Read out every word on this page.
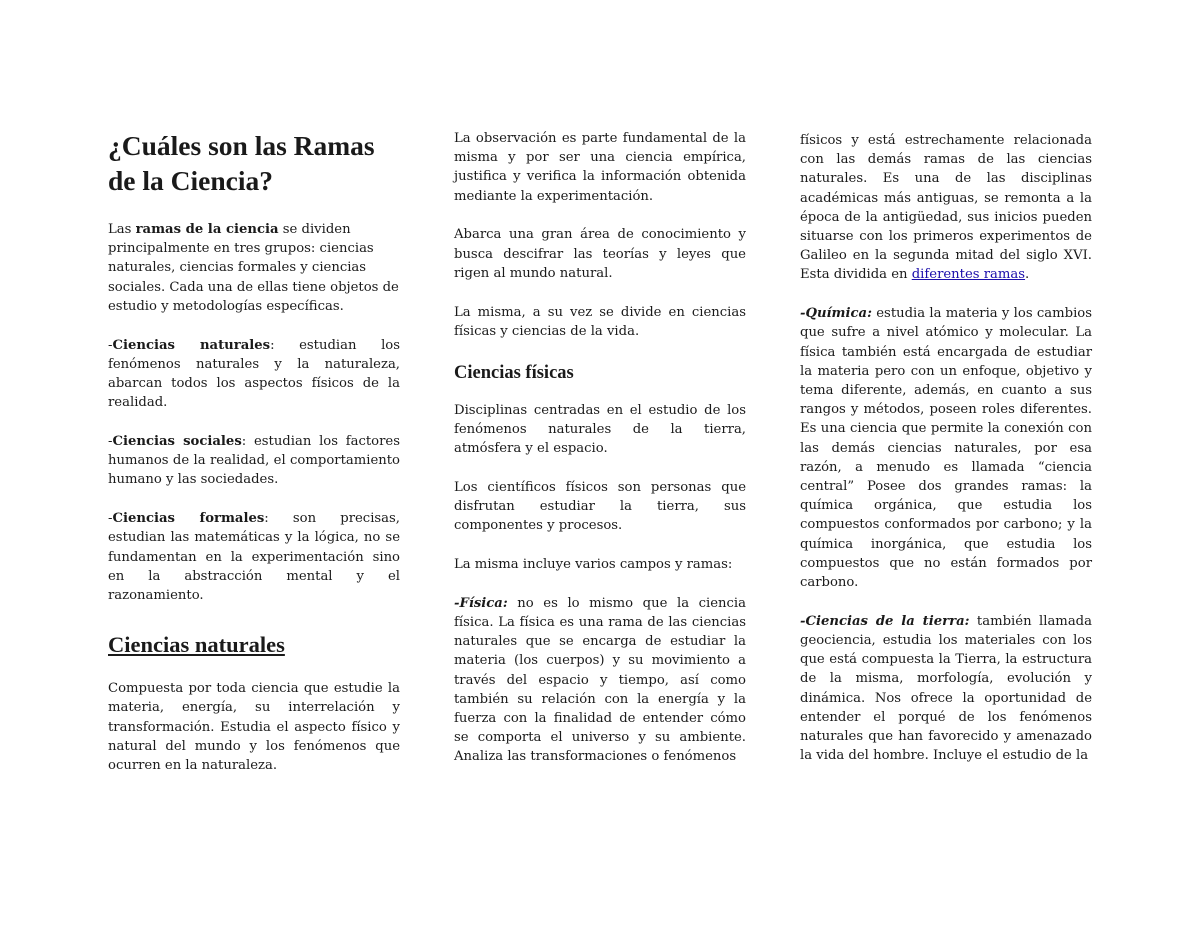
¿Cuáles son las Ramas de la Ciencia?

Las ramas de la ciencia se dividen principalmente en tres grupos: ciencias naturales, ciencias formales y ciencias sociales. Cada una de ellas tiene objetos de estudio y metodologías específicas.

-Ciencias naturales: estudian los fenómenos naturales y la naturaleza, abarcan todos los aspectos físicos de la realidad.

-Ciencias sociales: estudian los factores humanos de la realidad, el comportamiento humano y las sociedades.

-Ciencias formales: son precisas, estudian las matemáticas y la lógica, no se fundamentan en la experimentación sino en la abstracción mental y el razonamiento.

Ciencias naturales

Compuesta por toda ciencia que estudie la materia, energía, su interrelación y transformación. Estudia el aspecto físico y natural del mundo y los fenómenos que ocurren en la naturaleza.

La observación es parte fundamental de la misma y por ser una ciencia empírica, justifica y verifica la información obtenida mediante la experimentación.

Abarca una gran área de conocimiento y busca descifrar las teorías y leyes que rigen al mundo natural.

La misma, a su vez se divide en ciencias físicas y ciencias de la vida.

Ciencias físicas

Disciplinas centradas en el estudio de los fenómenos naturales de la tierra, atmósfera y el espacio.

Los científicos físicos son personas que disfrutan estudiar la tierra, sus componentes y procesos.

La misma incluye varios campos y ramas:

-Física: no es lo mismo que la ciencia física. La física es una rama de las ciencias naturales que se encarga de estudiar la materia (los cuerpos) y su movimiento a través del espacio y tiempo, así como también su relación con la energía y la fuerza con la finalidad de entender cómo se comporta el universo y su ambiente. Analiza las transformaciones o fenómenos

físicos y está estrechamente relacionada con las demás ramas de las ciencias naturales. Es una de las disciplinas académicas más antiguas, se remonta a la época de la antigüedad, sus inicios pueden situarse con los primeros experimentos de Galileo en la segunda mitad del siglo XVI. Esta dividida en diferentes ramas.

-Química: estudia la materia y los cambios que sufre a nivel atómico y molecular. La física también está encargada de estudiar la materia pero con un enfoque, objetivo y tema diferente, además, en cuanto a sus rangos y métodos, poseen roles diferentes. Es una ciencia que permite la conexión con las demás ciencias naturales, por esa razón, a menudo es llamada “ciencia central” Posee dos grandes ramas: la química orgánica, que estudia los compuestos conformados por carbono; y la química inorgánica, que estudia los compuestos que no están formados por carbono.

-Ciencias de la tierra: también llamada geociencia, estudia los materiales con los que está compuesta la Tierra, la estructura de la misma, morfología, evolución y dinámica. Nos ofrece la oportunidad de entender el porqué de los fenómenos naturales que han favorecido y amenazado la vida del hombre. Incluye el estudio de la
